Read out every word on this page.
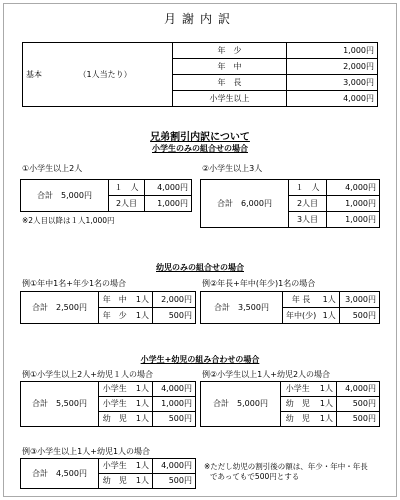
月謝内訳
基本 （1人当たり）	年　少	1,000円
	年　中	2,000円
	年　長	3,000円
	小学生以上	4,000円
兄弟割引内訳について
小学生のみの組合せの場合
①小学生以上2人	②小学生以上3人
合計　5,000円	１　人	4,000円
	2人目	1,000円
※2人目以降は１人1,000円
合計　6,000円	１　人	4,000円
	2人目	1,000円
	3人目	1,000円
幼児のみの組合せの場合
例①年中1名+年少1名の場合	例②年長+年中(年少)1名の場合
合計　2,500円	年　中	1人	2,000円
	年　少	1人	500円
合計　3,500円	年 長	1人	3,000円
	年中(少)	1人	500円
小学生+幼児の組み合わせの場合
例①小学生以上2人+幼児１人の場合	例②小学生以上1人+幼児2人の場合
合計　5,500円	小学生	1人	4,000円
	小学生	1人	1,000円
	幼　児	1人	500円
合計　5,000円	小学生	1人	4,000円
	幼　児	1人	500円
	幼　児	1人	500円
例③小学生以上1人+幼児1人の場合
合計　4,500円	小学生	1人	4,000円
	幼　児	1人	500円
※ただし幼児の割引後の額は、年少・年中・年長
であってもで500円とする
